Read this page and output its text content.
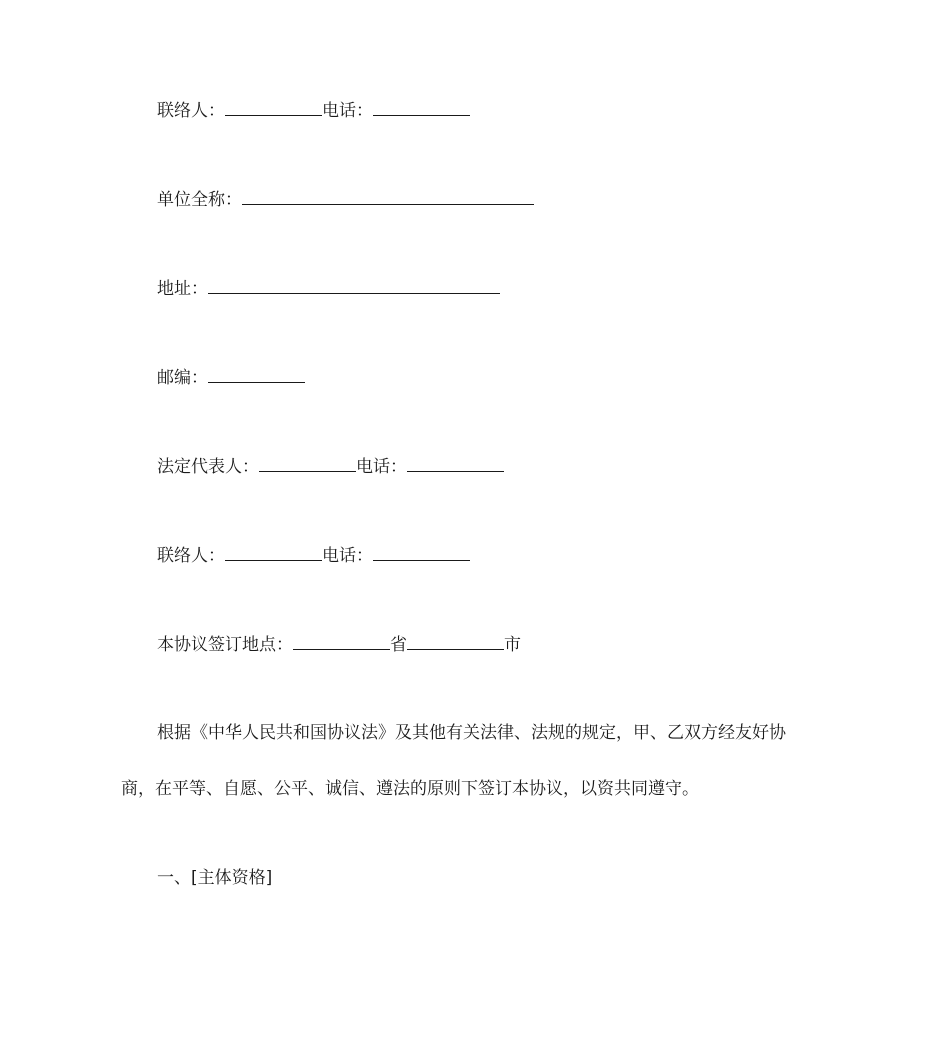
联络人：	电话：
单位全称：
地址：
邮编：
法定代表人：	电话：
联络人：	电话：
本协议签订地点：	省	市
根据《中华人民共和国协议法》及其他有关法律、法规的规定，甲、乙双方经友好协
商，在平等、自愿、公平、诚信、遵法的原则下签订本协议，以资共同遵守。
一、[主体资格]
